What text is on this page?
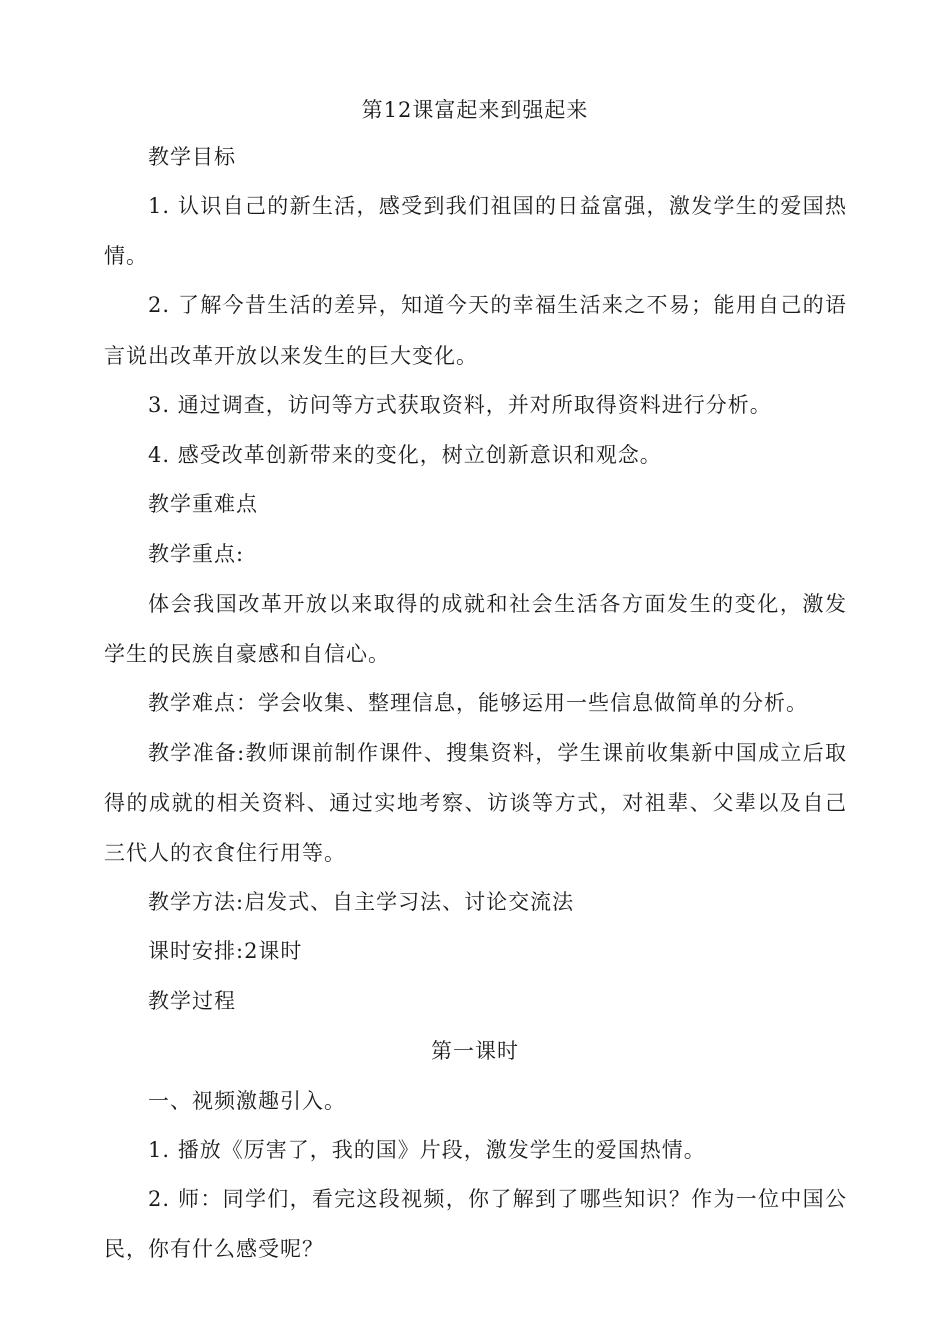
第12课富起来到强起来
教学目标
1. 认识自己的新生活，感受到我们祖国的日益富强，激发学生的爱国热
情。
2. 了解今昔生活的差异，知道今天的幸福生活来之不易；能用自己的语
言说出改革开放以来发生的巨大变化。
3. 通过调查，访问等方式获取资料，并对所取得资料进行分析。
4. 感受改革创新带来的变化，树立创新意识和观念。
教学重难点
教学重点:
体会我国改革开放以来取得的成就和社会生活各方面发生的变化，激发
学生的民族自豪感和自信心。
教学难点：学会收集、整理信息，能够运用一些信息做简单的分析。
教学准备:教师课前制作课件、搜集资料，学生课前收集新中国成立后取
得的成就的相关资料、通过实地考察、访谈等方式，对祖辈、父辈以及自己
三代人的衣食住行用等。
教学方法:启发式、自主学习法、讨论交流法
课时安排:2课时
教学过程
第一课时
一、视频激趣引入。
1. 播放《厉害了，我的国》片段，激发学生的爱国热情。
2. 师：同学们，看完这段视频，你了解到了哪些知识？作为一位中国公
民，你有什么感受呢？
